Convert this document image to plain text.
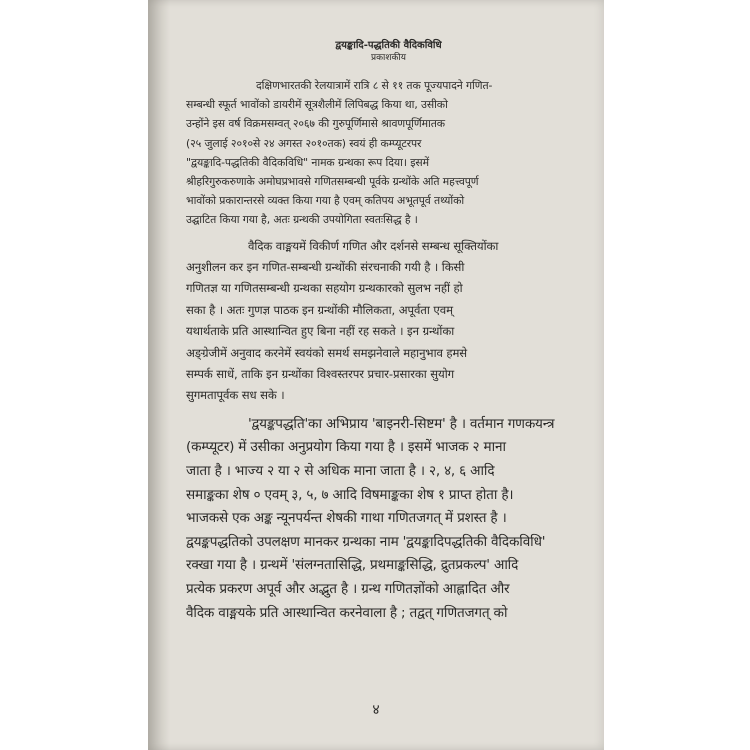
द्वयङ्कादि-पद्धतिकी वैदिकविधि
प्रकाशकीय
दक्षिणभारतकी रेलयात्रामें रात्रि ८ से ११ तक पूज्यपादने गणित-
सम्बन्धी स्फूर्त भावोंको डायरीमें सूत्रशैलीमें लिपिबद्ध किया था, उसीको
उन्होंने इस वर्ष विक्रमसम्वत् २०६७ की गुरुपूर्णिमासे श्रावणपूर्णिमातक
(२५ जुलाई २०१०से २४ अगस्त २०१०तक) स्वयं ही कम्प्यूटरपर
"द्वयङ्कादि-पद्धतिकी वैदिकविधि" नामक ग्रन्थका रूप दिया। इसमें
श्रीहरिगुरुकरुणाके अमोघप्रभावसे गणितसम्बन्धी पूर्वके ग्रन्थोंके अति महत्त्वपूर्ण
भावोंको प्रकारान्तरसे व्यक्त किया गया है एवम् कतिपय अभूतपूर्व तथ्योंको
उद्घाटित किया गया है, अतः ग्रन्थकी उपयोगिता स्वतःसिद्ध है ।
वैदिक वाङ्मयमें विकीर्ण गणित और दर्शनसे सम्बन्ध सूक्तियोंका
अनुशीलन कर इन गणित-सम्बन्धी ग्रन्थोंकी संरचनाकी गयी है । किसी
गणितज्ञ या गणितसम्बन्धी ग्रन्थका सहयोग ग्रन्थकारको सुलभ नहीं हो
सका है । अतः गुणज्ञ पाठक इन ग्रन्थोंकी मौलिकता, अपूर्वता एवम्
यथार्थताके प्रति आस्थान्वित हुए बिना नहीं रह सकते । इन ग्रन्थोंका
अङ्ग्रेजीमें अनुवाद करनेमें स्वयंको समर्थ समझनेवाले महानुभाव हमसे
सम्पर्क साधें, ताकि इन ग्रन्थोंका विश्वस्तरपर प्रचार-प्रसारका सुयोग
सुगमतापूर्वक सध सके ।
'द्वयङ्कपद्धति'का अभिप्राय 'बाइनरी-सिष्टम' है । वर्तमान गणकयन्त्र
(कम्प्यूटर) में उसीका अनुप्रयोग किया गया है । इसमें भाजक २ माना
जाता है । भाज्य २ या २ से अधिक माना जाता है । २, ४, ६ आदि
समाङ्कका शेष ० एवम् ३, ५, ७ आदि विषमाङ्कका शेष १ प्राप्त होता है।
भाजकसे एक अङ्क न्यूनपर्यन्त शेषकी गाथा गणितजगत् में प्रशस्त है ।
द्वयङ्कपद्धतिको उपलक्षण मानकर ग्रन्थका नाम 'द्वयङ्कादिपद्धतिकी वैदिकविधि'
रक्खा गया है । ग्रन्थमें 'संलग्नतासिद्धि, प्रथमाङ्कसिद्धि, द्रुतप्रकल्प' आदि
प्रत्येक प्रकरण अपूर्व और अद्भुत है । ग्रन्थ गणितज्ञोंको आह्लादित और
वैदिक वाङ्मयके प्रति आस्थान्वित करनेवाला है ; तद्वत् गणितजगत् को
४
